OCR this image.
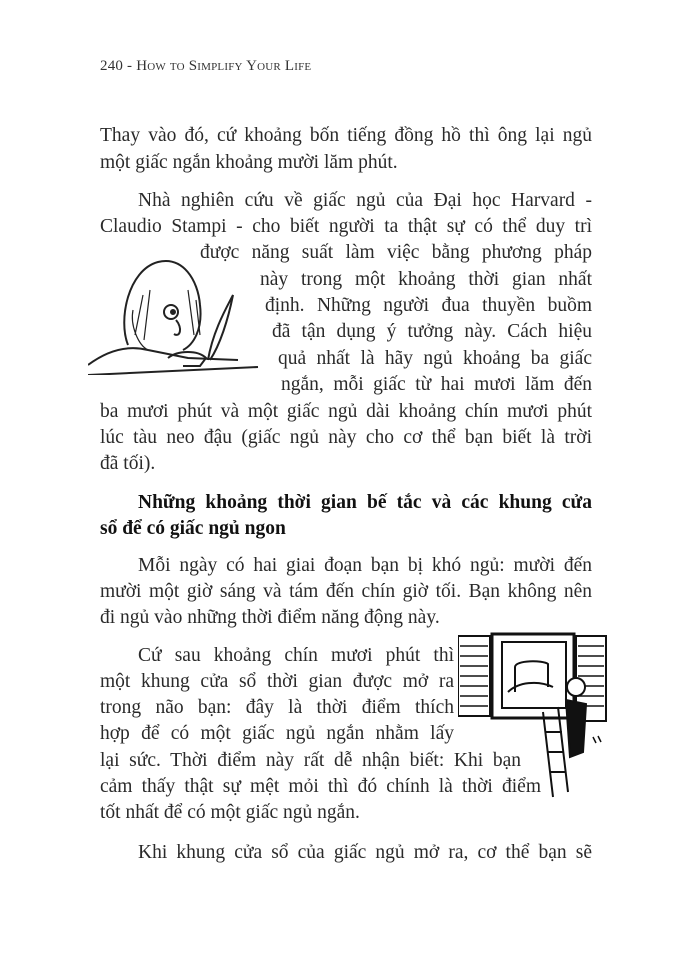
240 - How to Simplify Your Life
Thay vào đó, cứ khoảng bốn tiếng đồng hồ thì ông lại ngủ
một giấc ngắn khoảng mười lăm phút.
Nhà nghiên cứu về giấc ngủ của Đại học Harvard -
Claudio Stampi - cho biết người ta thật sự có thể duy trì
được năng suất làm việc bằng phương pháp
này trong một khoảng thời gian nhất
định. Những người đua thuyền buồm
đã tận dụng ý tưởng này. Cách hiệu
quả nhất là hãy ngủ khoảng ba giấc
ngắn, mỗi giấc từ hai mươi lăm đến
ba mươi phút và một giấc ngủ dài khoảng chín mươi phút
lúc tàu neo đậu (giấc ngủ này cho cơ thể bạn biết là trời
đã tối).
Những khoảng thời gian bế tắc và các khung cửa
sổ để có giấc ngủ ngon
Mỗi ngày có hai giai đoạn bạn bị khó ngủ: mười đến
mười một giờ sáng và tám đến chín giờ tối. Bạn không nên
đi ngủ vào những thời điểm năng động này.
Cứ sau khoảng chín mươi phút thì
một khung cửa sổ thời gian được mở ra
trong não bạn: đây là thời điểm thích
hợp để có một giấc ngủ ngắn nhằm lấy
lại sức. Thời điểm này rất dễ nhận biết: Khi bạn
cảm thấy thật sự mệt mỏi thì đó chính là thời điểm
tốt nhất để có một giấc ngủ ngắn.
Khi khung cửa sổ của giấc ngủ mở ra, cơ thể bạn sẽ
